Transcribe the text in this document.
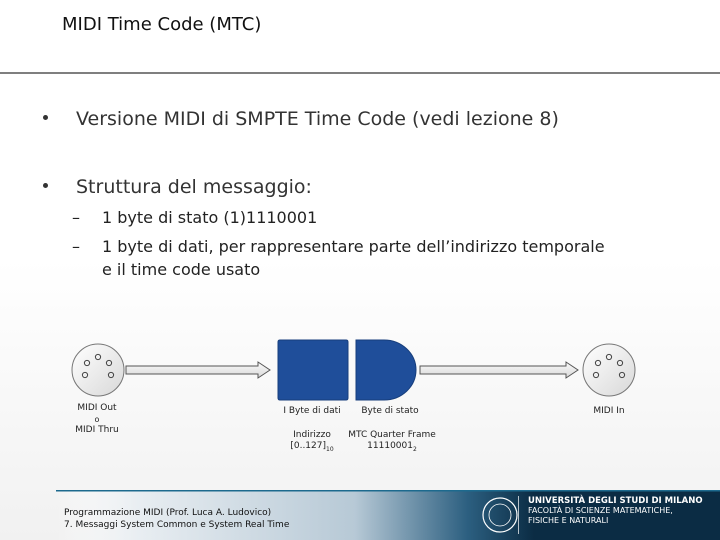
MIDI Time Code (MTC)
Versione MIDI di SMPTE Time Code (vedi lezione 8)
Struttura del messaggio:
– 1 byte di stato (1)1110001
– 1 byte di dati, per rappresentare parte dell’indirizzo temporale
e il time code usato
MIDI Out
o
MIDI Thru
I Byte di dati	Byte di stato	MIDI In
Indirizzo
$[0..127]_{10}$
MTC Quarter Frame
$11110001_2$
Programmazione MIDI (Prof. Luca A. Ludovico)
7. Messaggi System Common e System Real Time
UNIVERSITÀ DEGLI STUDI DI MILANO
FACOLTÀ DI SCIENZE MATEMATICHE,
FISICHE E NATURALI
